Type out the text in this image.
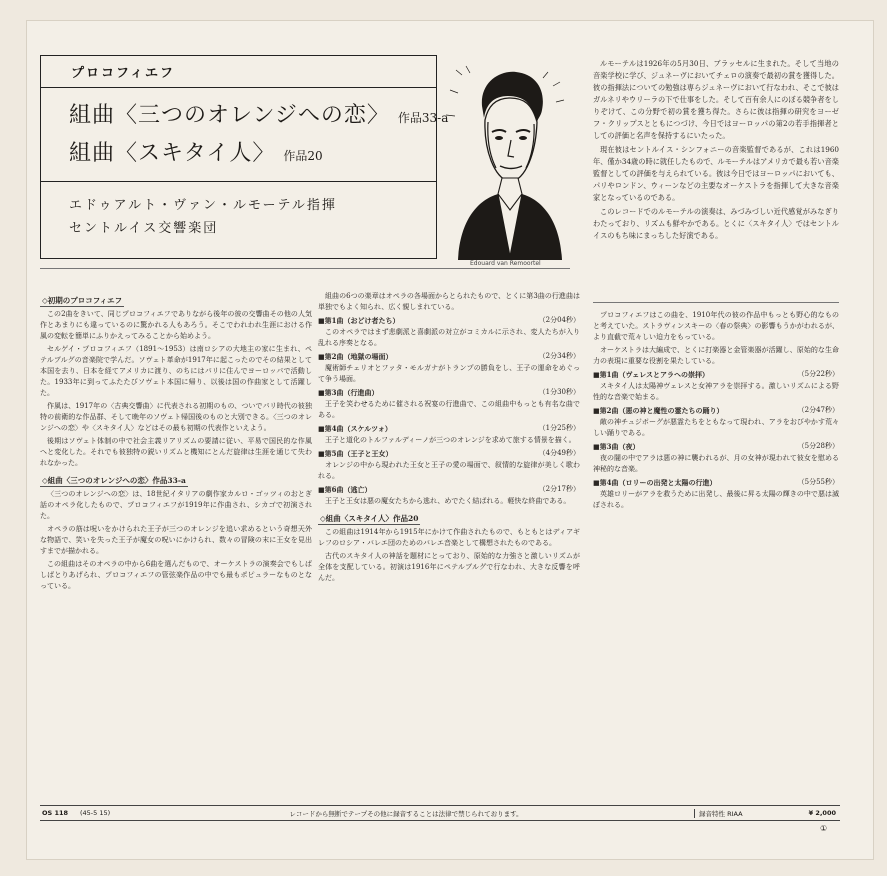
プロコフィエフ
組曲〈三つのオレンジへの恋〉 作品33-a
組曲〈スキタイ人〉 作品20
エドゥアルト・ヴァン・ルモーテル指揮
セントルイス交響楽団
Edouard van Remoortel

ルモーテルは1926年の5月30日、ブラッセルに生まれた。そして当地の音楽学校に学び、ジュネーヴにおいてチェロの演奏で最初の賞を獲得した。彼の指揮法についての勉強は専らジュネーヴにおいて行なわれ、そこで彼はガルネリやウリーラの下で仕事をした。そして百有余人にのぼる競争者をしりぞけて、この分野で初の賞を獲ち得た。さらに彼は指揮の研究をヨーゼフ・クリップスとともにつづけ、今日ではヨーロッパの第2の若手指揮者としての評価と名声を保持するにいたった。

現在彼はセントルイス・シンフォニーの音楽監督であるが、これは1960年、僅か34歳の時に就任したもので、ルモーテルはアメリカで最も若い音楽監督としての評価を与えられている。彼は今日ではヨーロッパにおいても、パリやロンドン、ウィーンなどの主要なオーケストラを指揮して大きな音楽家となっているのである。

このレコードでのルモーテルの演奏は、みづみづしい近代感覚がみなぎりわたっており、リズムも鮮やかである。とくに〈スキタイ人〉ではセントルイスのもち味にまっちした好演である。

◇初期のプロコフィエフ

この2曲をきいて、同じプロコフィエフでありながら後年の彼の交響曲その他の人気作とあまりにも違っているのに驚かれる人もあろう。そこでわれわれ生涯における作風の変転を簡単にふりかえってみることから始めよう。

セルゲイ・プロコフィエフ（1891〜1953）は南ロシアの大地主の家に生まれ、ペテルブルグの音楽院で学んだ。ソヴェト革命が1917年に起こったのでその結果として本国を去り、日本を経てアメリカに渡り、のちにはパリに住んでヨーロッパで活動した。1933年に到ってふたたびソヴェト本国に帰り、以後は国の作曲家として活躍した。

作風は、1917年の〈古典交響曲〉に代表される初期のもの、ついでパリ時代の彼独特の前衛的な作品群、そして晩年のソヴェト帰国後のものと大別できる。〈三つのオレンジへの恋〉や〈スキタイ人〉などはその最も初期の代表作といえよう。

後期はソヴェト体制の中で社会主義リアリズムの要請に従い、平易で国民的な作風へと変化した。それでも彼独特の鋭いリズムと機知にとんだ旋律は生涯を通じて失われなかった。

◇組曲〈三つのオレンジへの恋〉作品33-a

〈三つのオレンジへの恋〉は、18世紀イタリアの劇作家カルロ・ゴッツィのおとぎ話のオペラ化したもので、プロコフィエフが1919年に作曲され、シカゴで初演された。

オペラの筋は呪いをかけられた王子が三つのオレンジを追い求めるという奇想天外な物語で、笑いを失った王子が魔女の呪いにかけられ、数々の冒険の末に王女を見出すまでが描かれる。

この組曲はそのオペラの中から6曲を選んだもので、オーケストラの演奏会でもしばしばとりあげられ、プロコフィエフの管弦楽作品の中でも最もポピュラーなものとなっている。

組曲の6つの楽章はオペラの各場面からとられたもので、とくに第3曲の行進曲は単独でもよく知られ、広く親しまれている。

■第1曲（おどけ者たち）	（2分04秒）

このオペラではまず悲劇派と喜劇派の対立がコミカルに示され、変人たちが入り乱れる序奏となる。

■第2曲（地獄の場面）	（2分34秒）

魔術師チェリオとファタ・モルガナがトランプの勝負をし、王子の運命をめぐって争う場面。

■第3曲（行進曲）	（1分30秒）

王子を笑わせるために催される祝宴の行進曲で、この組曲中もっとも有名な曲である。

■第4曲（スケルツォ）	（1分25秒）

王子と道化のトルファルディーノが三つのオレンジを求めて旅する情景を描く。

■第5曲（王子と王女）	（4分49秒）

オレンジの中から現われた王女と王子の愛の場面で、叙情的な旋律が美しく歌われる。

■第6曲（逃亡）	（2分17秒）

王子と王女は悪の魔女たちから逃れ、めでたく結ばれる。軽快な終曲である。

◇組曲〈スキタイ人〉作品20

この組曲は1914年から1915年にかけて作曲されたもので、もともとはディアギレフのロシア・バレエ団のためのバレエ音楽として構想されたものである。

古代のスキタイ人の神話を題材にとっており、原始的な力強さと激しいリズムが全体を支配している。初演は1916年にペテルブルグで行なわれ、大きな反響を呼んだ。

プロコフィエフはこの曲を、1910年代の彼の作品中もっとも野心的なものと考えていた。ストラヴィンスキーの〈春の祭典〉の影響もうかがわれるが、より直截で荒々しい迫力をもっている。

オーケストラは大編成で、とくに打楽器と金管楽器が活躍し、原始的な生命力の表現に重要な役割を果たしている。

■第1曲（ヴェレスとアラへの崇拝）	（5分22秒）

スキタイ人は太陽神ヴェレスと女神アラを崇拝する。激しいリズムによる野性的な音楽で始まる。

■第2曲（悪の神と魔性の霊たちの踊り）	（2分47秒）

敵の神チュジボーグが悪霊たちをともなって現われ、アラをおびやかす荒々しい踊りである。

■第3曲（夜）	（5分28秒）

夜の闇の中でアラは悪の神に襲われるが、月の女神が現われて彼女を慰める神秘的な音楽。

■第4曲（ロリーの出発と太陽の行進）	（5分55秒）

英雄ロリーがアラを救うために出発し、最後に昇る太陽の輝きの中で悪は滅ぼされる。

OS 118	(45-5 15)	レコードから無断でテープその他に録音することは法律で禁じられております。	録音特性 RIAA	¥ 2,000
①
